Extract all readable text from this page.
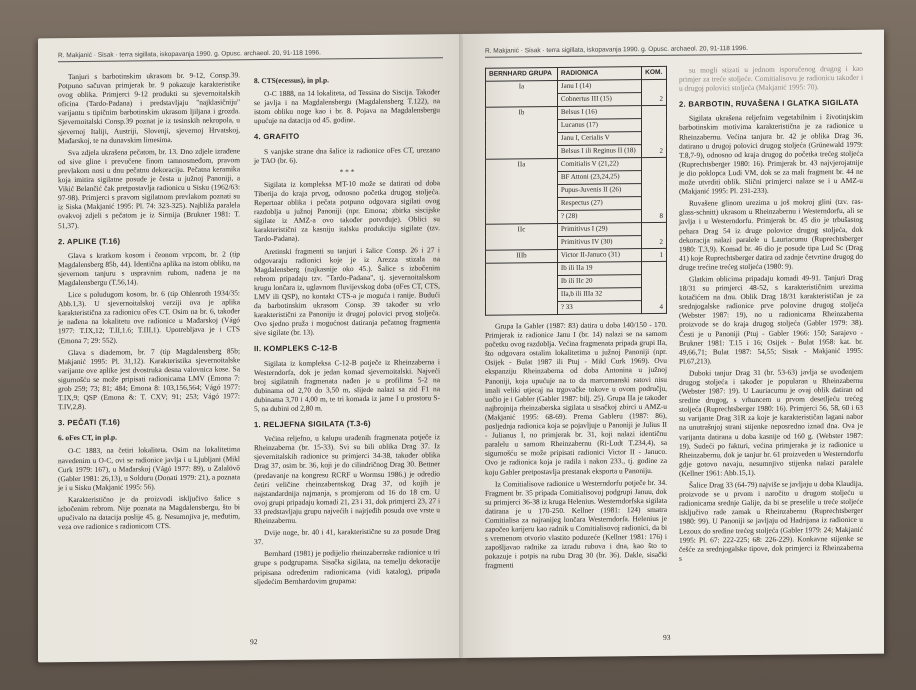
R. Makjanić · Sisak · terra sigillata, iskopavanja 1990. g. Opusc. archaeol. 20, 91-118 1996.

Tanjuri s barbotinskim ukrasom br. 9-12, Consp.39. Potpuno sačuvan primjerak br. 9 pokazuje karakteristike ovog oblika. Primjerci 9-12 produkti su sjevernoitalskih oficina (Tardo-Padana) i predstavljaju "najklasičniju" varijantu s tipičnim barbotinskim ukrasom ljiljana i grozda. Sjevernoitalski Consp.39 poznat je iz tesinskih nekropola, u sjevernoj Italiji, Austriji, Slovenji, sjevernoj Hrvatskoj, Mađarskoj, te na dunavskim limesima.

Sva zdjela ukrašena pečatom, br. 13. Dno zdjele izrađene od sive gline i prevučene finom tamnosmeđom, pravom prevlakom nosi u dnu pečatnu dekoraciju. Pečatna keramika koja imitira sigilatne posude je česta u južnoj Panoniji, a Vikić Belančić čak pretpostavlja radionicu u Sisku (1962/63: 97-98). Primjerci s pravom sigilatnom prevlakom poznati su iz Siska (Makjanić 1995: Pl. 74: 323-325). Najbliža paralela ovakvoj zdjeli s pečatom je iz Sirmija (Brukner 1981: T. 51,37).

2. APLIKE (T.16)

Glava s kratkom kosom i čeonom vrpcom, br. 2 (tip Magdalensberg 85b, 44). Identična aplika na istom obliku, na sjevernom tanjuru s uspravnim rubom, nađena je na Magdalensbergu (T.56,14).

Lice s poludugom kosom, br. 6 (tip Ohlenroth 1934/35: Abb.1,3). U sjevernoitalskoj verziji ova je aplika karakteristična za radionicu oFes CT. Osim na br. 6, također je nađena na lokalitetu ove radionice u Mađarskoj (Vágó 1977: T.IX,12; T.II,1.6; T.III,1). Upotrebljava je i CTS (Emona 7; 29: 552).

Glava s diademom, br. 7 (tip Magdalensberg 85b; Makjanić 1995: Pl. 31,12). Karakteristika sjevernoitalske varijante ove aplike jest dvostruka desna valovnica kose. Sa sigurnošću se može pripisati radionicama LMV (Emona 7: grob 259; 73; 81; 484; Emona 8: 103,156,564; Vágó 1977: T.IX,9; QSP (Emona &: T. CXV; 91; 253; Vágó 1977: T.IV,2,8).

3. PEČATI (T.16)
6. oFes CT, in pl.p.

O-C 1883, na četiri lokalitetа. Osim na lokalitetima navedenim u O-C, ovi se radionice javlja i u Ljubljani (Mikl Curk 1979: 167), u Mađarskoj (Vágó 1977: 89), u Zalalövő (Gabler 1981: 26,13), u Solduru (Donati 1979: 21), a poznata je i u Sisku (Makjanić 1995: 56).

Karakteristično je da proizvodi isključivo šalice s izbočenim rebrom. Nije poznata na Magdalensbergu, što bi upućivalo na datacija poslije 45. g. Nesumnjiva je, međutim, veza ove radionice s radionicom CTS.

8. CTS(ecessus), in pl.p.

O-C 1888, na 14 lokaliteta, od Tessina do Siscija. Također se javlja i na Magdalensbergu (Magdalensberg T.122), na istom obliku noge kao i br. 8. Pojava na Magdalensbergu upućuje na datacija od 45. godine.

4. GRAFITO

S vanjske strane dna šalice iz radionice oFes CT, urezano je TAO (br. 6).

* * *

Sigilata iz kompleksa MT-10 može se datirati od doba Tiberija do kraja prvog, odnosno početka drugog stoljeća. Repertoar oblika i pečata potpuno odgovara sigilati ovog razdoblja u južnoj Panoniji (npr. Emona; zbirka siscijske sigilate iz AMZ-a ovo također potvrđuje). Oblici su karakteristični za kasniju italsku produkciju sigilate (tzv. Tardo-Padana).

Aretinski fragmenti su tanjuri i šalice Consp. 26 i 27 i odgovaraju radionici koje je iz Arezza stizala na Magdalensberg (najkasnije oko 45.). Šalice s izbočenim rebrom pripadaju tzv. "Tardo-Padana", tj. sjevernoitalskom krugu lončara iz, uglavnom fluvijevskog doba (oFes CT, CTS, LMV ili QSP), no kontakt CTS-a je moguća i ranije. Budući da barbotinskim ukrasom Consp. 39 također su vrlo karakteristični za Panoniju iz drugoj polovici prvog stoljeća. Ovo sjedno pruža i mogućnost datiranja pečatnog fragmenta sive sigilate (br. 13).

II. KOMPLEKS C-12-B

Sigilata iz kompleksa C-12-B potječe iz Rheinzaberna i Westerndorfa, dok je jedan komad sjevernoitalski. Najveći broj sigilatnih fragmenata nađen je u profilima 5-2 na dubinama od 2,70 do 3,50 m, slijede nalazi sa zid F1 na dubinama 3,70 i 4,00 m, te tri komada iz jame I u prostoru S-5, na dubini od 2,80 m.

1. RELJEFNA SIGILATA (T.3-6)

Većina reljefno, u kalupu urađenih fragmenata potječe iz Rheinzaberna (br. 15-33). Svi su bili oblika Drag 37. Iz sjevernitalskih radionice su primjerci 34-38, također oblika Drag 37, osim br. 36, koji je do cilindričnog Drag 30. Bettner (predavanje na kongresu RCRF u Wormsu 1986.) je odredio četiri veličine rheinzabernskog Drag 37, od kojih je najstandardnija najmanja, s promjerom od 16 do 18 cm. U ovoj grupi pripadaju komadi 21, 23 i 31, dok primjerci 23, 27 i 33 predstavljaju grupu najvećih i najrjeđih posuda ove vrste u Rheinzabernu.

Dvije noge, br. 40 i 41, karakteristične su za posude Drag 37.

Bernhard (1981) je podijelio rheinzabernske radionice u tri grupe s podgrupama. Sisačka sigilata, na temelju dekoracije pripisana određenim radionicama (vidi katalog), pripada sljedećim Bernhardovim grupama:

92
R. Makjanić · Sisak · terra sigillata, iskopavanja 1990. g. Opusc. archaeol. 20, 91-118 1996.
BERNHARD GRUPA	RADIONICA	KOM.
Ia	Janu I (14)	2
	Cobnertus III (15)	
Ib	Belsus I (16)	2
	Lucanus (17)	
	Janu I, Cerialis V	
	Belsus I ili Reginus II (18)	
IIa	Comitialis V (21,22)	8
	BF Attoni (23,24,25)	
	Pupus-Juvenis II (26)	
	Respectus (27)	
	? (28)	
IIc	Primitivus I (29)	2
	Primitivus IV (30)	
IIIb	Victor II-Januco (31)	1
	Ib ili IIa 19	4
	Ib ili IIc 20	
	IIa,b ili IIIa 32	
	? 33	

Grupa Ia Gabler (1987: 83) datira u doba 140/150 - 170. Primjerak iz radionice Janu I (br. 14) nalazi se na samom početku ovog razdoblja. Većina fragmenata pripada grupi IIa, što odgovara ostalim lokalitetima u južnoj Panoniji (npr. Osijek - Bulat 1987 ili Ptuj - Mikl Curk 1969). Ovu ekspanziju Rheinzaberna od doba Antonina u južnoj Panoniji, koja upućuje na to da marcomanski ratovi nisu imali veliki utjecaj na trgovačke tokove u ovom području, uočio je i Gabler (Gabler 1987: bilj. 25). Grupa IIa je također najbrojnija rheinzaberska sigilata u sisačkoj zbirci u AMZ-u (Makjanić 1995: 68-69). Prema Gableru (1987: 86), posljednja radionica koja se pojavljuje u Panoniji je Julius II - Julianus I, no primjerak br. 31, koji nalazi identičnu paralelu u samom Rheinzabernu (Ri-Ludt T.234,4), sa sigurnošću se može pripisati radionici Victor II - Januco. Ovo je radionica koja je radila i nakon 233., tj. godine za koju Gabler pretpostavlja prestanak eksporta u Panoniju.

Iz Comitialisove radionice u Westerndorfu potječe br. 34. Fragment br. 35 pripada Comitialisovoj podgrupi Januu, dok su primjerci 36-38 iz kruga Helenius. Westerndorfska sigilata datirana je u 170-250. Kellner (1981: 124) smatra Comitialisa za najranijeg lončara Westerndorfa. Helenius je započeo karijeru kao radnik u Comitialisovoj radionici, da bi s vremenom otvorio vlastito poduzeće (Kellner 1981: 176) i zapošljavao radnike za izradu rubova i dna, kao što to pokazuje i potpis na rubu Drag 30 (br. 36). Dakle, sisački fragmenti

su mogli stizati u jednom isporučenog drugog i kao primjer za treće stoljeće. Comitialisovu je radionicu također i u drugoj polovici stoljeća (Makjanić 1995: 70).

2. BARBOTIN, RUVAŠENA I GLATKA SIGILATA

Sigilata ukrašena reljefnim vegetabilnim i životinjskim barbotinskim motivima karakteristična je za radionice u Rheinzabernu. Većina tanjura br. 42 je oblika Drag 36, datirano u drugoj polovici drugog stoljeća (Grünewald 1979: T.8,7-9), odnosno od kraja drugog do početka trećeg stoljeća (Ruprechtsberger 1980: 16). Primjerak br. 43 najvjerojatnije je dio poklopca Ludi VM, dok se za mali fragment br. 44 ne može utvrditi oblik. Slični primjerci nalaze se i u AMZ-u (Makjanić 1995: Pl. 231-233).

Ruvašene glinom urezima u još mokroj glini (tzv. ras-glass-schnitt) ukrasom u Rheinzabernu i Westerndorfu, ali se javlja i u Westerndorfu. Primjerak br. 45 dio je trbušastog pehara Drag 54 iz druge polovice drugog stoljeća, dok dekoracija nalazi paralele u Lauriacumu (Ruprechtsberger 1980: T.3,9). Komad br. 46 dio je posude tipa Lud Sc (Drag 41) koje Ruprechtsberger datira od zadnje četvrtine drugog do druge trećine trećeg stoljeća (1980: 9).

Glatkim oblicima pripadaju komadi 49-91. Tanjuri Drag 18/31 su primjerci 48-52, s karakterističnim urezima kotačićem na dnu. Oblik Drag 18/31 karakterističan je za srednjogalske radionice prve polovine drugog stoljeća (Webster 1987: 19), no u radionicama Rheinzaberna proizvode se do kraja drugog stoljeća (Gabler 1979: 38). Česti je u Panoniji (Ptuj - Gabler 1966: 150; Sarajevo - Brukner 1981: T.15 i 16; Osijek - Bulat 1958: kat. br. 49,66,71; Bulat 1987: 54,55; Sisak - Makjanić 1995: Pl.67,213).

Duboki tanjur Drag 31 (br. 53-63) javlja se uvođenjem drugog stoljeća i također je popularan u Rheinzabernu (Webster 1987: 19). U Lauriacumu je ovaj oblik datiran od sredine drugog, s vrhuncem u prvom desetljeću trećeg stoljeća (Ruprechtsberger 1980: 16). Primjerci 56, 58, 60 i 63 su varijante Drag 31R za koje je karakterističan lagani nabor na unutrašnjoj strani stijenke neposredno iznad dna. Ova je varijanta datirana u doba kasnije od 160 g. (Webster 1987: 19). Sudeći po fakturi, većina primjeraka je iz radionice u Rheinzabernu, dok je tanjur br. 61 proizveden u Westerndorfu gdje gotovo navaju, nesumnjivo stijenka nalazi paralele (Kellner 1961: Abb.15,1).

Šalice Drag 33 (64-79) najviše se javljaju u doba Klaudija, proizvode se u prvom i naročito u drugom stoljeću u radionicama srednje Galije, da bi se preselile u treće stoljeće isključivo rade zamak u Rheinzabernu (Ruprechtsberger 1980: 99). U Panoniji se javljaju od Hadrijana iz radionice u Lezoux do sredine trećeg stoljeća (Gabler 1979: 24; Makjanić 1995: Pl. 67: 222-225; 68: 226-229). Konkavne stijenke se češće za srednjogalske tipove, dok primjerci iz Rheinzaberna s

93
